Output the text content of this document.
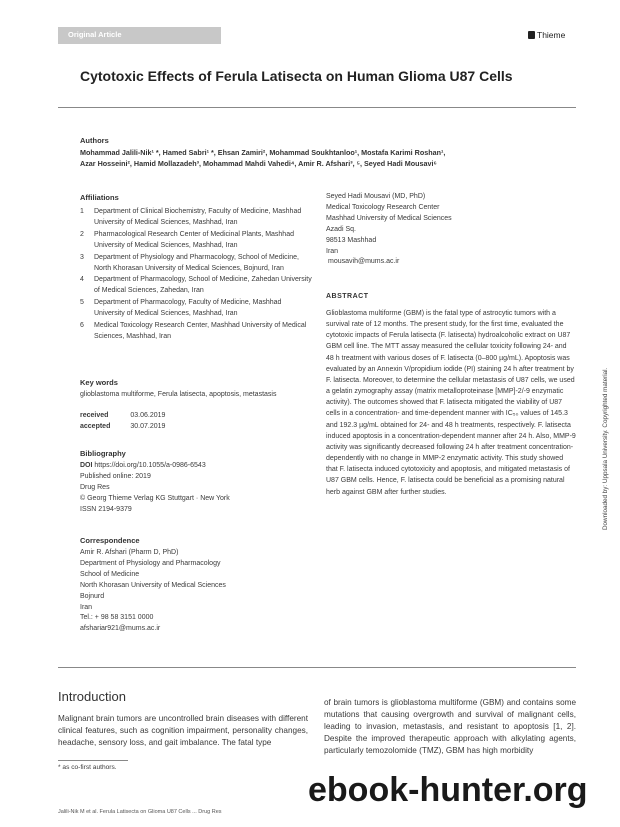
Original Article	Thieme
Cytotoxic Effects of Ferula Latisecta on Human Glioma U87 Cells
Authors
Mohammad Jalili-Nik¹ *, Hamed Sabri¹ *, Ehsan Zamiri², Mohammad Soukhtanloo¹, Mostafa Karimi Roshan¹,
Azar Hosseini², Hamid Mollazadeh³, Mohammad Mahdi Vahedi⁴, Amir R. Afshari³, ⁵, Seyed Hadi Mousavi⁶
Affiliations
1 Department of Clinical Biochemistry, Faculty of Medicine, Mashhad University of Medical Sciences, Mashhad, Iran
2 Pharmacological Research Center of Medicinal Plants, Mashhad University of Medical Sciences, Mashhad, Iran
3 Department of Physiology and Pharmacology, School of Medicine, North Khorasan University of Medical Sciences, Bojnurd, Iran
4 Department of Pharmacology, School of Medicine, Zahedan University of Medical Sciences, Zahedan, Iran
5 Department of Pharmacology, Faculty of Medicine, Mashhad University of Medical Sciences, Mashhad, Iran
6 Medical Toxicology Research Center, Mashhad University of Medical Sciences, Mashhad, Iran
Key words
glioblastoma multiforme, Ferula latisecta, apoptosis, metastasis
received	03.06.2019
accepted	30.07.2019
Bibliography
DOI https://doi.org/10.1055/a-0986-6543
Published online: 2019
Drug Res
© Georg Thieme Verlag KG Stuttgart · New York
ISSN 2194-9379
Correspondence
Amir R. Afshari (Pharm D, PhD)
Department of Physiology and Pharmacology
School of Medicine
North Khorasan University of Medical Sciences
Bojnurd
Iran
Tel.: + 98 58 3151 0000
afshariar921@mums.ac.ir
Seyed Hadi Mousavi (MD, PhD)
Medical Toxicology Research Center
Mashhad University of Medical Sciences
Azadi Sq.
98513 Mashhad
Iran
mousavih@mums.ac.ir
ABSTRACT
Glioblastoma multiforme (GBM) is the fatal type of astrocytic tumors with a survival rate of 12 months. The present study, for the first time, evaluated the cytotoxic impacts of Ferula latisecta (F. latisecta) hydroalcoholic extract on U87 GBM cell line. The MTT assay measured the cellular toxicity following 24- and 48 h treatment with various doses of F. latisecta (0–800 µg/mL). Apoptosis was evaluated by an Annexin V/propidium iodide (PI) staining 24 h after treatment by F. latisecta. Moreover, to determine the cellular metastasis of U87 cells, we used a gelatin zymography assay (matrix metalloproteinase [MMP]-2/-9 enzymatic activity). The outcomes showed that F. latisecta mitigated the viability of U87 cells in a concentration- and time-dependent manner with IC₅₀ values of 145.3 and 192.3 µg/mL obtained for 24- and 48 h treatments, respectively. F. latisecta induced apoptosis in a concentration-dependent manner after 24 h. Also, MMP-9 activity was significantly decreased following 24 h after treatment concentration-dependently with no change in MMP-2 enzymatic activity. This study showed that F. latisecta induced cytotoxicity and apoptosis, and mitigated metastasis of U87 GBM cells. Hence, F. latisecta could be beneficial as a promising natural herb against GBM after further studies.	Downloaded by: Uppsala University. Copyrighted material.
Introduction
Malignant brain tumors are uncontrolled brain diseases with different clinical features, such as cognition impairment, personality changes, headache, sensory loss, and gait imbalance. The fatal type
of brain tumors is glioblastoma multiforme (GBM) and contains some mutations that causing overgrowth and survival of malignant cells, leading to invasion, metastasis, and resistant to apoptosis [1, 2]. Despite the improved therapeutic approach with alkylating agents, particularly temozolomide (TMZ), GBM has high morbidity
* as co-first authors.
Jalili-Nik M et al. Ferula Latisecta on Glioma U87 Cells ... Drug Res
ebook-hunter.org
